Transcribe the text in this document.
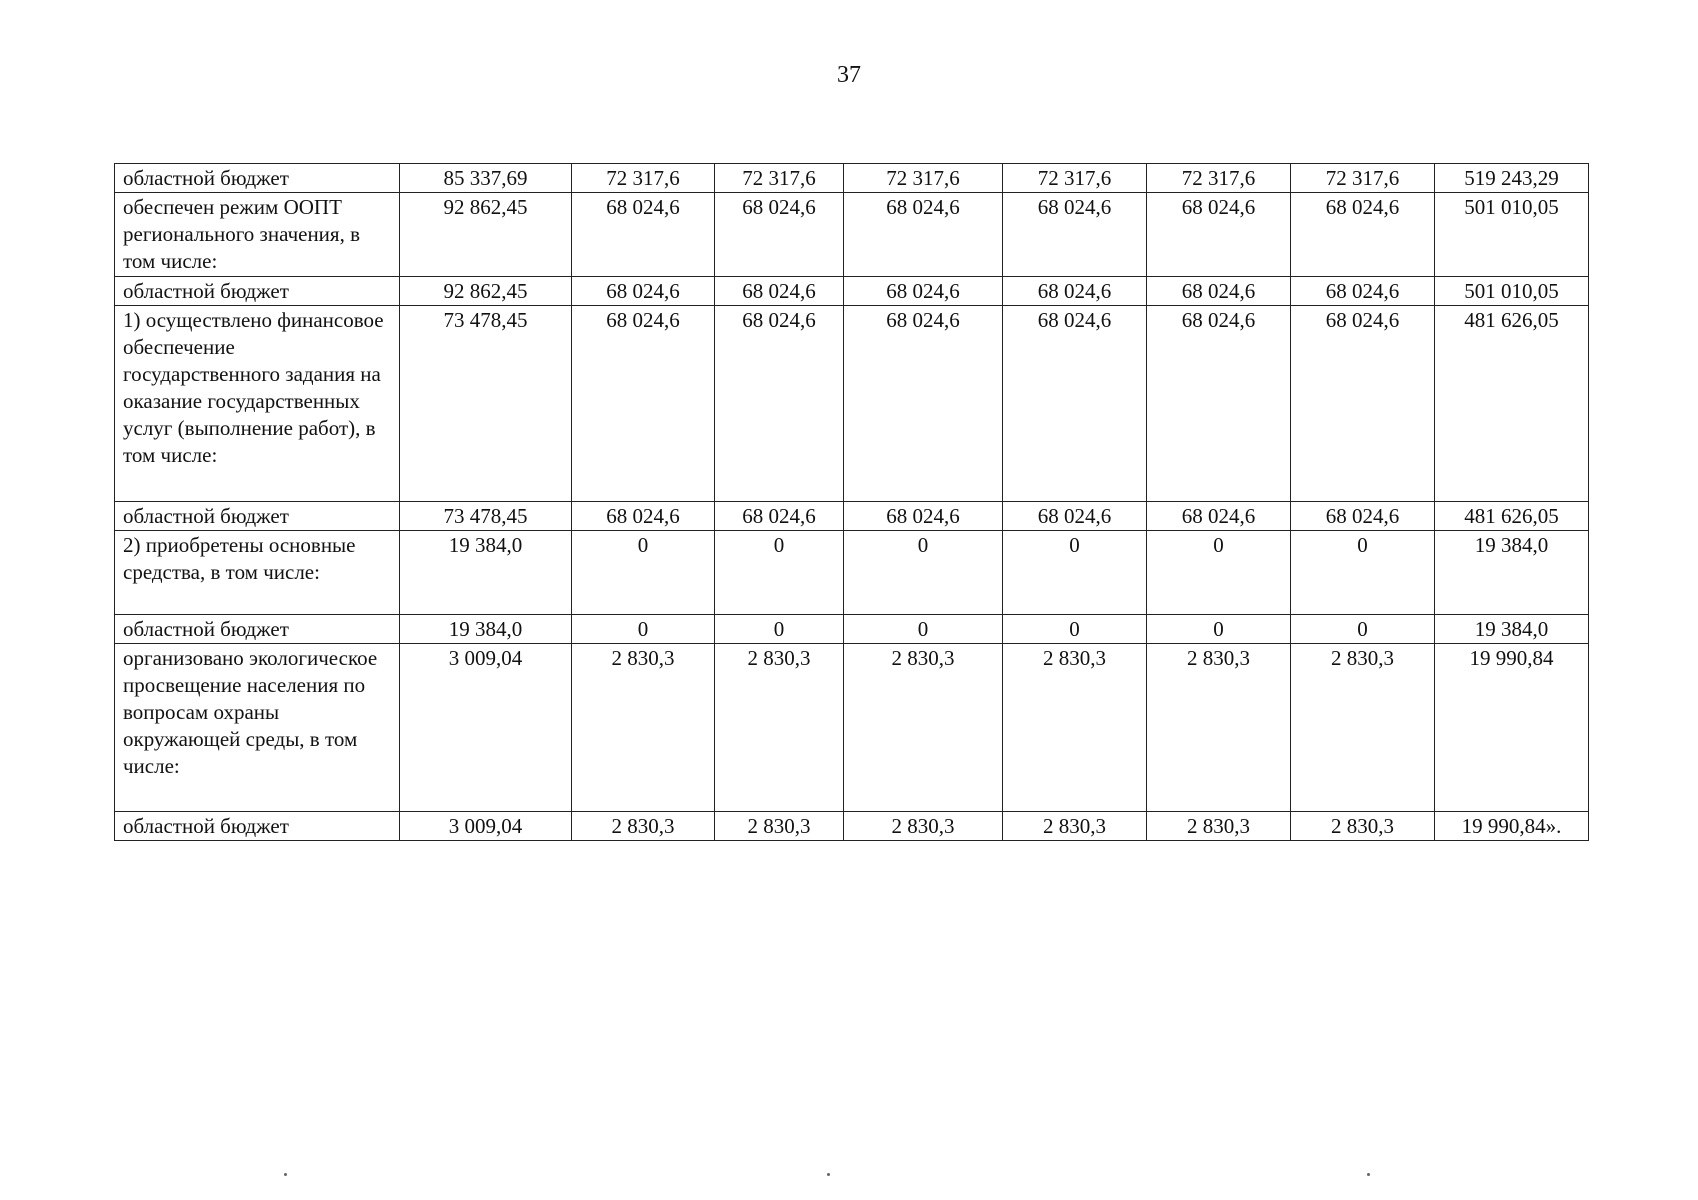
37
областной бюджет	85 337,69	72 317,6	72 317,6	72 317,6	72 317,6	72 317,6	72 317,6	519 243,29
обеспечен режим ООПТ регионального значения, в том числе:	92 862,45	68 024,6	68 024,6	68 024,6	68 024,6	68 024,6	68 024,6	501 010,05
областной бюджет	92 862,45	68 024,6	68 024,6	68 024,6	68 024,6	68 024,6	68 024,6	501 010,05
1) осуществлено финансовое обеспечение государственного задания на оказание государственных услуг (выполнение работ), в том числе:	73 478,45	68 024,6	68 024,6	68 024,6	68 024,6	68 024,6	68 024,6	481 626,05
областной бюджет	73 478,45	68 024,6	68 024,6	68 024,6	68 024,6	68 024,6	68 024,6	481 626,05
2) приобретены основные средства, в том числе:	19 384,0	0	0	0	0	0	0	19 384,0
областной бюджет	19 384,0	0	0	0	0	0	0	19 384,0
организовано экологическое просвещение населения по вопросам охраны окружающей среды, в том числе:	3 009,04	2 830,3	2 830,3	2 830,3	2 830,3	2 830,3	2 830,3	19 990,84
областной бюджет	3 009,04	2 830,3	2 830,3	2 830,3	2 830,3	2 830,3	2 830,3	19 990,84».
